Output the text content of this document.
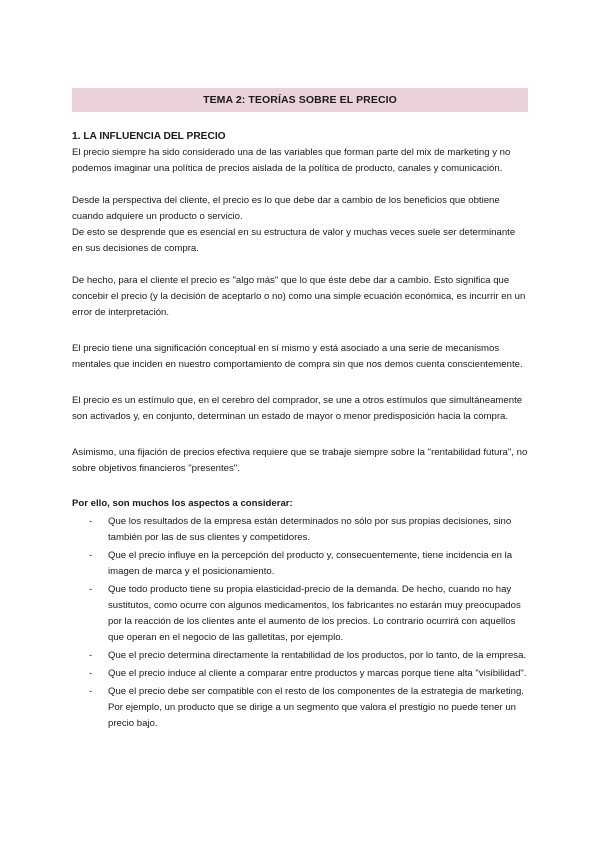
TEMA 2: TEORÍAS SOBRE EL PRECIO
1. LA INFLUENCIA DEL PRECIO

El precio siempre ha sido considerado una de las variables que forman parte del mix de marketing y no podemos imaginar una política de precios aislada de la política de producto, canales y comunicación.

Desde la perspectiva del cliente, el precio es lo que debe dar a cambio de los beneficios que obtiene cuando adquiere un producto o servicio.

De esto se desprende que es esencial en su estructura de valor y muchas veces suele ser determinante en sus decisiones de compra.

De hecho, para el cliente el precio es "algo más" que lo que éste debe dar a cambio. Esto significa que concebir el precio (y la decisión de aceptarlo o no) como una simple ecuación económica, es incurrir en un error de interpretación.

El precio tiene una significación conceptual en sí mismo y está asociado a una serie de mecanismos mentales que inciden en nuestro comportamiento de compra sin que nos demos cuenta conscientemente.

El precio es un estímulo que, en el cerebro del comprador, se une a otros estímulos que simultáneamente son activados y, en conjunto, determinan un estado de mayor o menor predisposición hacia la compra.

Asimismo, una fijación de precios efectiva requiere que se trabaje siempre sobre la "rentabilidad futura", no sobre objetivos financieros "presentes".

Por ello, son muchos los aspectos a considerar:
- Que los resultados de la empresa están determinados no sólo por sus propias decisiones, sino también por las de sus clientes y competidores.
- Que el precio influye en la percepción del producto y, consecuentemente, tiene incidencia en la imagen de marca y el posicionamiento.
- Que todo producto tiene su propia elasticidad-precio de la demanda. De hecho, cuando no hay sustitutos, como ocurre con algunos medicamentos, los fabricantes no estarán muy preocupados por la reacción de los clientes ante el aumento de los precios. Lo contrario ocurrirá con aquellos que operan en el negocio de las galletitas, por ejemplo.
- Que el precio determina directamente la rentabilidad de los productos, por lo tanto, de la empresa.
- Que el precio induce al cliente a comparar entre productos y marcas porque tiene alta "visibilidad".
- Que el precio debe ser compatible con el resto de los componentes de la estrategia de marketing. Por ejemplo, un producto que se dirige a un segmento que valora el prestigio no puede tener un precio bajo.
